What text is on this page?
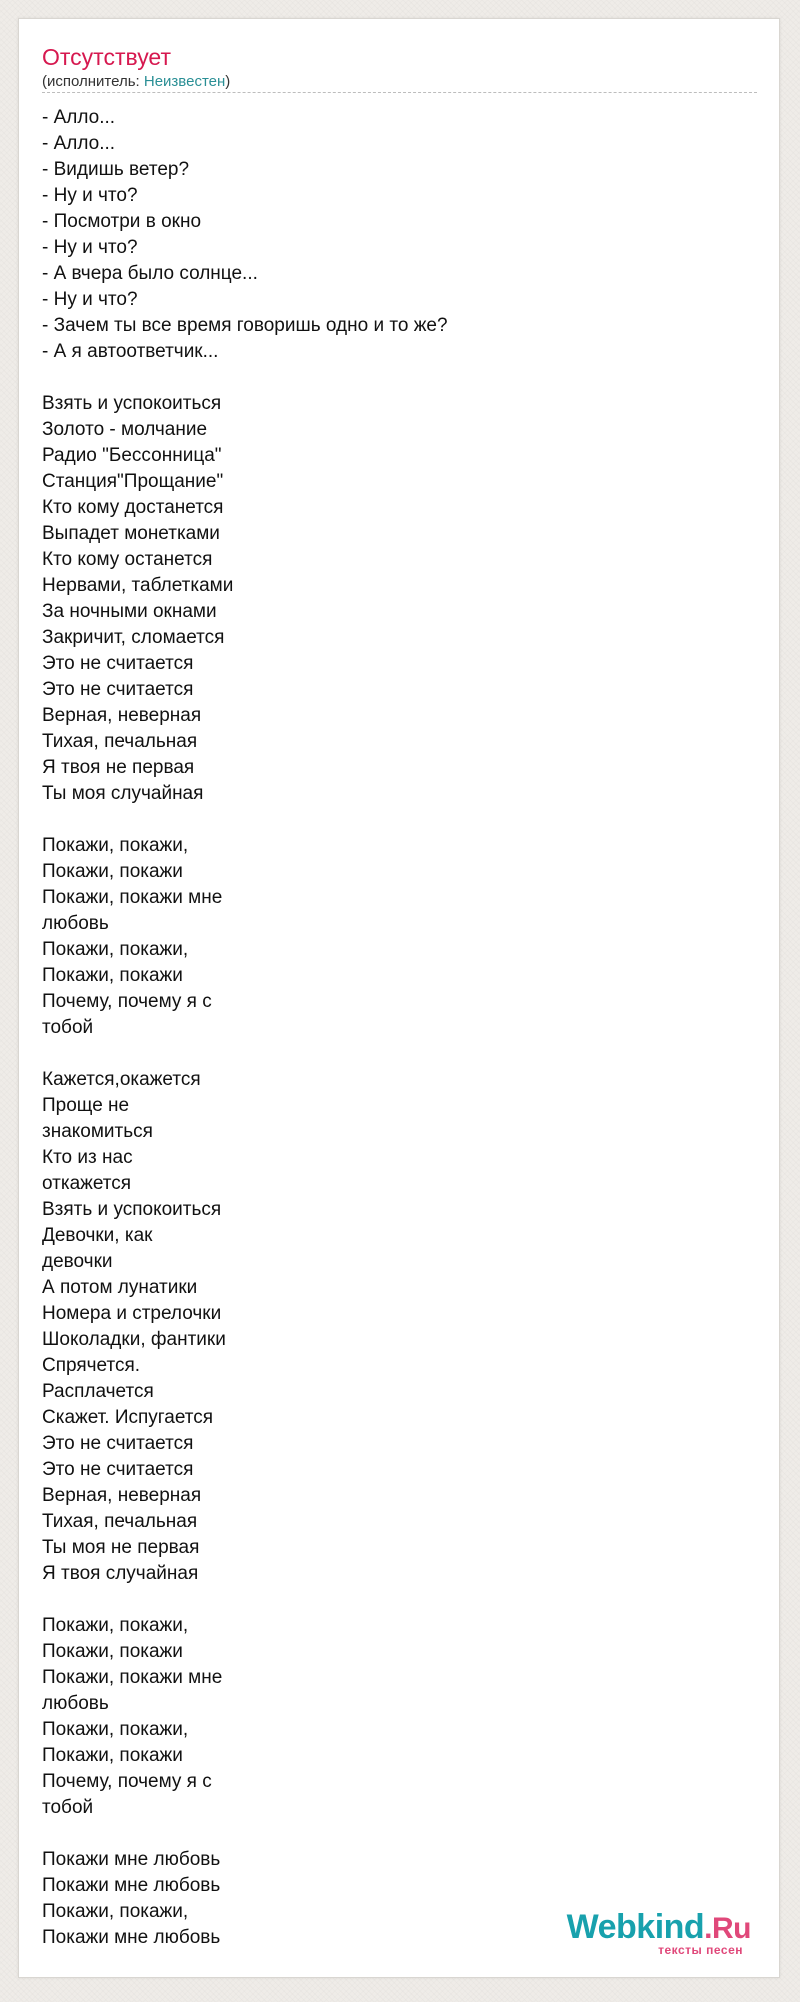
Отсутствует
(исполнитель: Неизвестен)
- Алло...
- Алло...
- Видишь ветер?
- Ну и что?
- Посмотри в окно
- Ну и что?
- А вчера было солнце...
- Ну и что?
- Зачем ты все время говоришь одно и то же?
- А я автоответчик...

Взять и успокоиться
Золото - молчание
Радио "Бессонница"
Станция"Прощание"
Кто кому достанется
Выпадет монетками
Кто кому останется
Нервами, таблетками
За ночными окнами
Закричит, сломается
Это не считается
Это не считается
Верная, неверная
Тихая, печальная
Я твоя не первая
Ты моя случайная

Покажи, покажи,
Покажи, покажи
Покажи, покажи мне
любовь
Покажи, покажи,
Покажи, покажи
Почему, почему я с
тобой

Кажется,окажется
Проще не
знакомиться
Кто из нас
откажется
Взять и успокоиться
Девочки, как
девочки
А потом лунатики
Номера и стрелочки
Шоколадки, фантики
Спрячется.
Расплачется
Скажет. Испугается
Это не считается
Это не считается
Верная, неверная
Тихая, печальная
Ты моя не первая
Я твоя случайная

Покажи, покажи,
Покажи, покажи
Покажи, покажи мне
любовь
Покажи, покажи,
Покажи, покажи
Почему, почему я с
тобой

Покажи мне любовь
Покажи мне любовь
Покажи, покажи,
Покажи мне любовь	Webkind.Ru
тексты песен
